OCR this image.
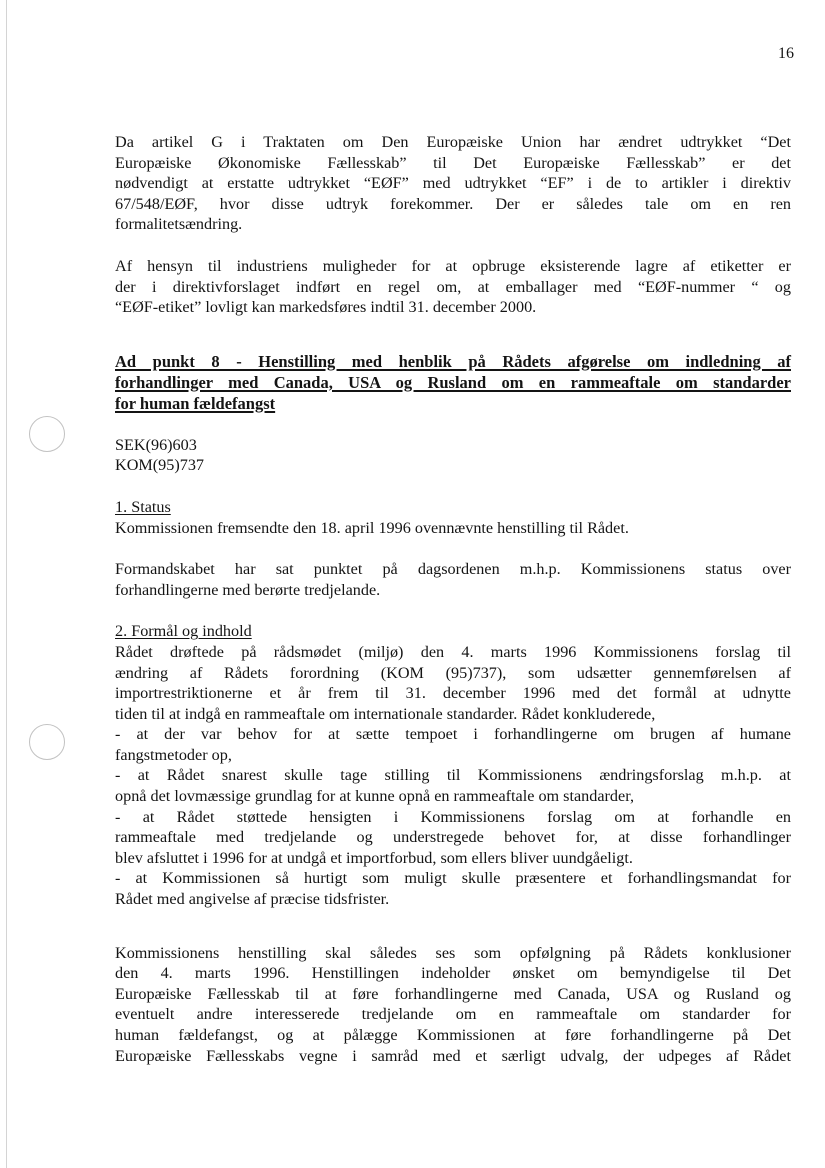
16

Da artikel G i Traktaten om Den Europæiske Union har ændret udtrykket “Det
Europæiske Økonomiske Fællesskab” til Det Europæiske Fællesskab” er det
nødvendigt at erstatte udtrykket “EØF” med udtrykket “EF” i de to artikler i direktiv
67/548/EØF, hvor disse udtryk forekommer. Der er således tale om en ren
formalitetsændring.

Af hensyn til industriens muligheder for at opbruge eksisterende lagre af etiketter er
der i direktivforslaget indført en regel om, at emballager med “EØF-nummer “ og
“EØF-etiket” lovligt kan markedsføres indtil 31. december 2000.

Ad punkt 8 - Henstilling med henblik på Rådets afgørelse om indledning af
forhandlinger med Canada, USA og Rusland om en rammeaftale om standarder
for human fældefangst

SEK(96)603
KOM(95)737

1. Status
Kommissionen fremsendte den 18. april 1996 ovennævnte henstilling til Rådet.

Formandskabet har sat punktet på dagsordenen m.h.p. Kommissionens status over
forhandlingerne med berørte tredjelande.

2. Formål og indhold
Rådet drøftede på rådsmødet (miljø) den 4. marts 1996 Kommissionens forslag til
ændring af Rådets forordning (KOM (95)737), som udsætter gennemførelsen af
importrestriktionerne et år frem til 31. december 1996 med det formål at udnytte
tiden til at indgå en rammeaftale om internationale standarder. Rådet konkluderede,
- at der var behov for at sætte tempoet i forhandlingerne om brugen af humane
fangstmetoder op,
- at Rådet snarest skulle tage stilling til Kommissionens ændringsforslag m.h.p. at
opnå det lovmæssige grundlag for at kunne opnå en rammeaftale om standarder,
- at Rådet støttede hensigten i Kommissionens forslag om at forhandle en
rammeaftale med tredjelande og understregede behovet for, at disse forhandlinger
blev afsluttet i 1996 for at undgå et importforbud, som ellers bliver uundgåeligt.
- at Kommissionen så hurtigt som muligt skulle præsentere et forhandlingsmandat for
Rådet med angivelse af præcise tidsfrister.

Kommissionens henstilling skal således ses som opfølgning på Rådets konklusioner
den 4. marts 1996. Henstillingen indeholder ønsket om bemyndigelse til Det
Europæiske Fællesskab til at føre forhandlingerne med Canada, USA og Rusland og
eventuelt andre interesserede tredjelande om en rammeaftale om standarder for
human fældefangst, og at pålægge Kommissionen at føre forhandlingerne på Det
Europæiske Fællesskabs vegne i samråd med et særligt udvalg, der udpeges af Rådet
